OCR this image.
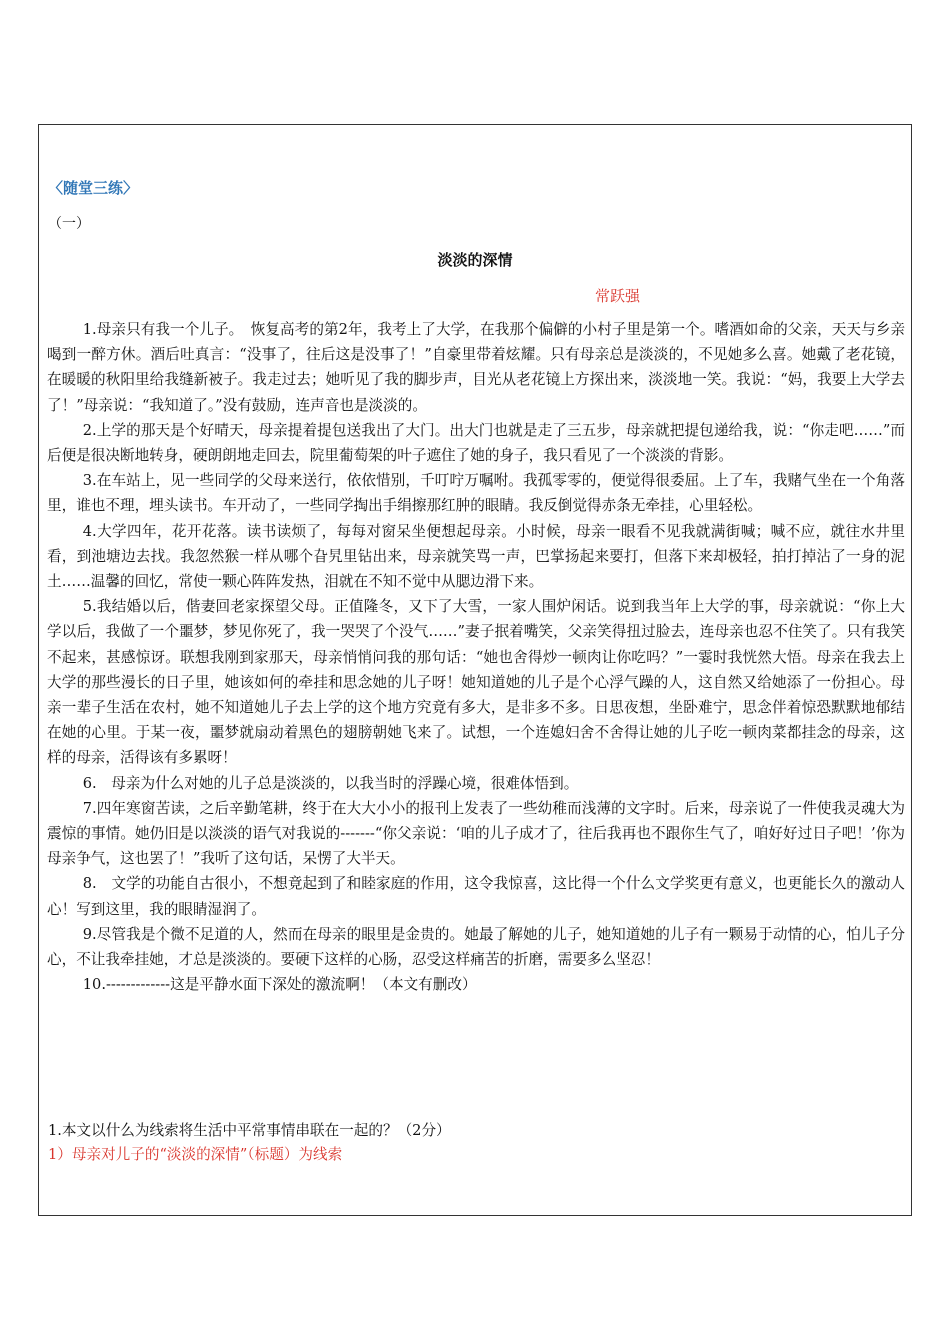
〈随堂三练〉
（一）
淡淡的深情
常跃强

1.母亲只有我一个儿子。　恢复高考的第2年，我考上了大学，在我那个偏僻的小村子里是第一个。嗜酒如命的父亲，天天与乡亲喝到一醉方休。酒后吐真言：“没事了，往后这是没事了！”自豪里带着炫耀。只有母亲总是淡淡的，不见她多么喜。她戴了老花镜，在暖暖的秋阳里给我缝新被子。我走过去；她听见了我的脚步声，目光从老花镜上方探出来，淡淡地一笑。我说：“妈，我要上大学去了！”母亲说：“我知道了。”没有鼓励，连声音也是淡淡的。

2.上学的那天是个好晴天，母亲提着提包送我出了大门。出大门也就是走了三五步，母亲就把提包递给我，说：“你走吧……”而后便是很决断地转身，硬朗朗地走回去，院里葡萄架的叶子遮住了她的身子，我只看见了一个淡淡的背影。

3.在车站上，见一些同学的父母来送行，依依惜别，千叮咛万嘱咐。我孤零零的，便觉得很委屈。上了车，我赌气坐在一个角落里，谁也不理，埋头读书。车开动了，一些同学掏出手绢擦那红肿的眼睛。我反倒觉得赤条无牵挂，心里轻松。

4.大学四年，花开花落。读书读烦了，每每对窗呆坐便想起母亲。小时候，母亲一眼看不见我就满街喊；喊不应，就往水井里看，到池塘边去找。我忽然猴一样从哪个旮旯里钻出来，母亲就笑骂一声，巴掌扬起来要打，但落下来却极轻，拍打掉沾了一身的泥土……温馨的回忆，常使一颗心阵阵发热，泪就在不知不觉中从腮边滑下来。

5.我结婚以后，偕妻回老家探望父母。正值隆冬，又下了大雪，一家人围炉闲话。说到我当年上大学的事，母亲就说：“你上大学以后，我做了一个噩梦，梦见你死了，我一哭哭了个没气……”妻子抿着嘴笑，父亲笑得扭过脸去，连母亲也忍不住笑了。只有我笑不起来，甚感惊讶。联想我刚到家那天，母亲悄悄问我的那句话：“她也舍得炒一顿肉让你吃吗？”一霎时我恍然大悟。母亲在我去上大学的那些漫长的日子里，她该如何的牵挂和思念她的儿子呀！她知道她的儿子是个心浮气躁的人，这自然又给她添了一份担心。母亲一辈子生活在农村，她不知道她儿子去上学的这个地方究竟有多大，是非多不多。日思夜想，坐卧难宁，思念伴着惊恐默默地郁结在她的心里。于某一夜，噩梦就扇动着黑色的翅膀朝她飞来了。试想，一个连媳妇舍不舍得让她的儿子吃一顿肉菜都挂念的母亲，这样的母亲，活得该有多累呀！

6.　母亲为什么对她的儿子总是淡淡的，以我当时的浮躁心境，很难体悟到。

7.四年寒窗苦读，之后辛勤笔耕，终于在大大小小的报刊上发表了一些幼稚而浅薄的文字时。后来，母亲说了一件使我灵魂大为震惊的事情。她仍旧是以淡淡的语气对我说的-------“你父亲说：‘咱的儿子成才了，往后我再也不跟你生气了，咱好好过日子吧！’你为母亲争气，这也罢了！”我听了这句话，呆愣了大半天。

8.　文学的功能自古很小，不想竟起到了和睦家庭的作用，这令我惊喜，这比得一个什么文学奖更有意义，也更能长久的激动人心！写到这里，我的眼睛湿润了。

9.尽管我是个微不足道的人，然而在母亲的眼里是金贵的。她最了解她的儿子，她知道她的儿子有一颗易于动情的心，怕儿子分心，不让我牵挂她，才总是淡淡的。要硬下这样的心肠，忍受这样痛苦的折磨，需要多么坚忍！

10.-------------这是平静水面下深处的激流啊！（本文有删改）

1.本文以什么为线索将生活中平常事情串联在一起的？（2分）
1）母亲对儿子的“淡淡的深情”（标题）为线索
